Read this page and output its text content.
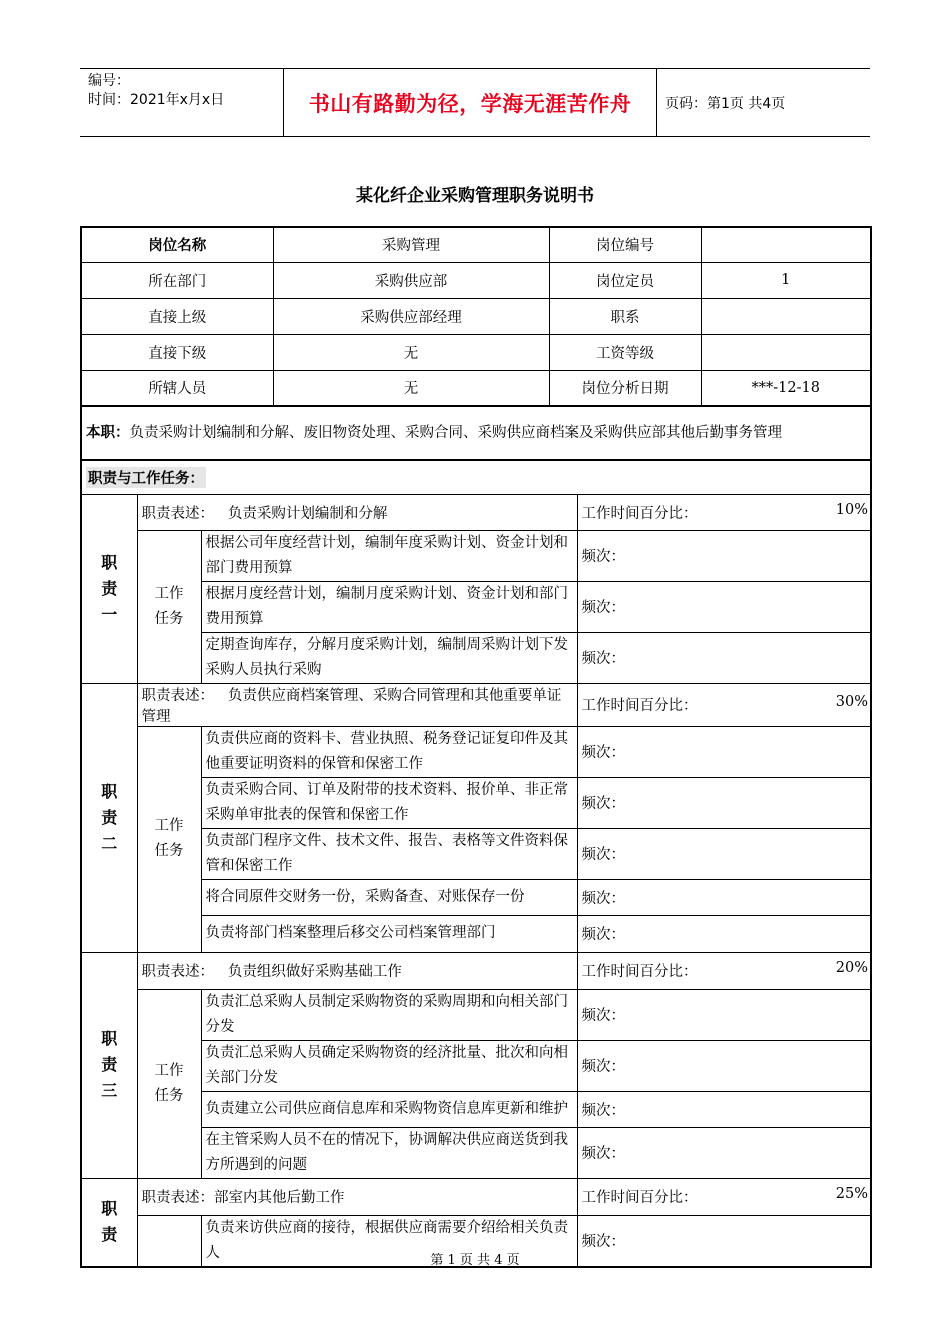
编号：
时间：2021年x月x日	书山有路勤为径，学海无涯苦作舟	页码：第1页 共4页
某化纤企业采购管理职务说明书
岗位名称			采购管理	岗位编号		
所在部门			采购供应部	岗位定员		1
直接上级			采购供应部经理	职系		
直接下级			无	工资等级		
所辖人员			无	岗位分析日期		***-12-18
本职：负责采购计划编制和分解、废旧物资处理、采购合同、采购供应商档案及采购供应部其他后勤事务管理						
职责与工作任务：						

职
责
一	职责表述： 负责采购计划编制和分解				工作时间百分比： 10%	

	工作
任务	根据公司年度经营计划，编制年度采购计划、资金计划和部门费用预算			频次：	
		根据月度经营计划，编制月度采购计划、资金计划和部门费用预算			频次：	
		定期查询库存，分解月度采购计划，编制周采购计划下发采购人员执行采购			频次：	

职
责
二	职责表述： 负责供应商档案管理、采购合同管理和其他重要单证管理				工作时间百分比： 30%	

	工作
任务	负责供应商的资料卡、营业执照、税务登记证复印件及其他重要证明资料的保管和保密工作			频次：	
		负责采购合同、订单及附带的技术资料、报价单、非正常采购单审批表的保管和保密工作			频次：	
		负责部门程序文件、技术文件、报告、表格等文件资料保管和保密工作			频次：	
		将合同原件交财务一份，采购备查、对账保存一份			频次：	
		负责将部门档案整理后移交公司档案管理部门			频次：	

职
责
三	职责表述： 负责组织做好采购基础工作				工作时间百分比： 20%	

	工作
任务	负责汇总采购人员制定采购物资的采购周期和向相关部门分发			频次：	
		负责汇总采购人员确定采购物资的经济批量、批次和向相关部门分发			频次：	
		负责建立公司供应商信息库和采购物资信息库更新和维护			频次：	
		在主管采购人员不在的情况下，协调解决供应商送货到我方所遇到的问题			频次：	

职
责	职责表述：部室内其他后勤工作				工作时间百分比： 25%	

		负责来访供应商的接待，根据供应商需要介绍给相关负责人			频次：	
第 1 页 共 4 页
